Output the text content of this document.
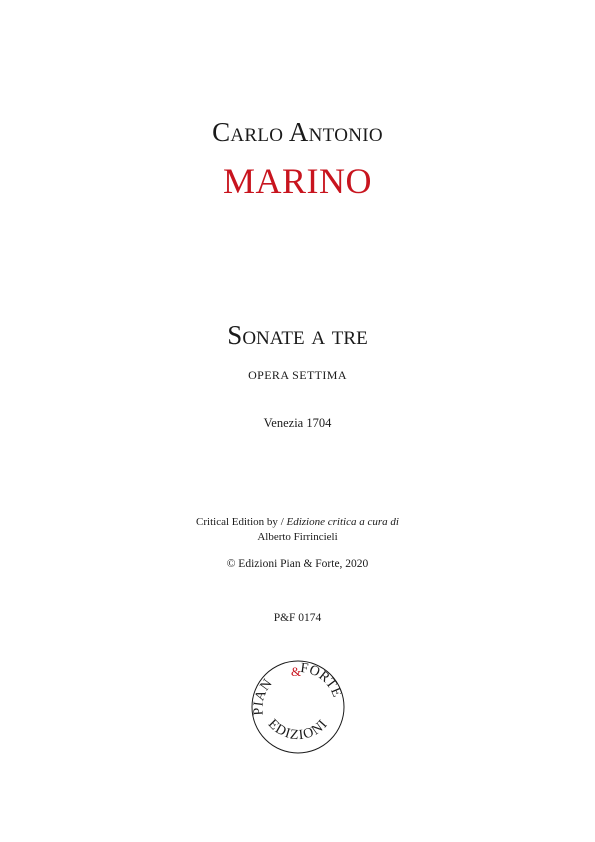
Carlo Antonio
MARINO
Sonate a tre
OPERA SETTIMA
Venezia 1704
Critical Edition by / Edizione critica a cura di
Alberto Firrincieli
© Edizioni Pian & Forte, 2020
P&F 0174
PIAN
&
FORTE
EDIZIONI
